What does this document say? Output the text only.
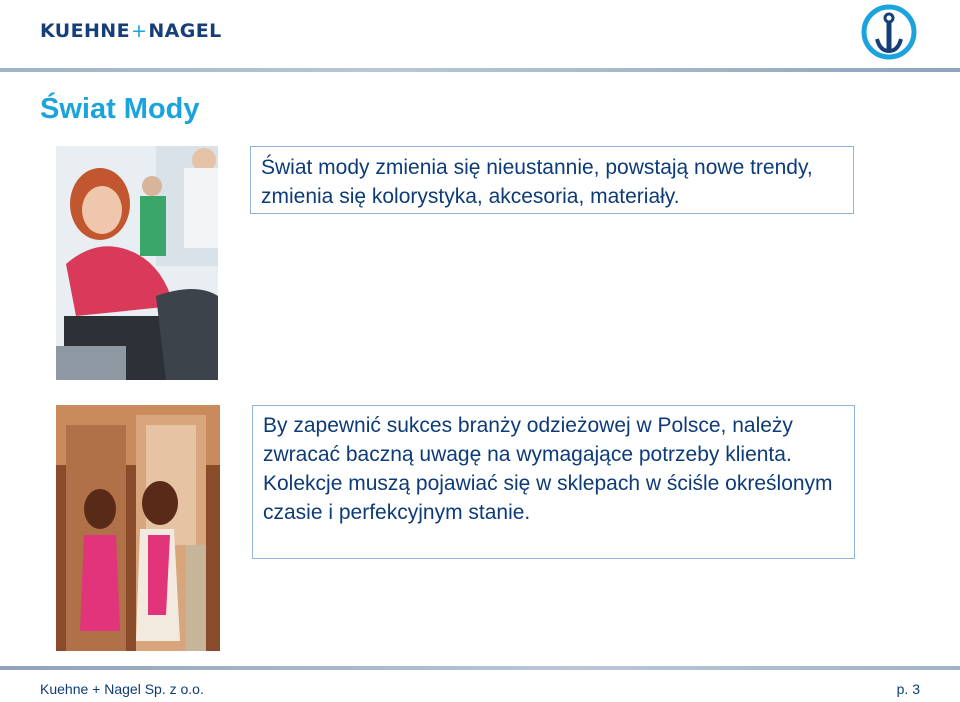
KUEHNE+NAGEL
Świat Mody
Świat mody zmienia się nieustannie, powstają nowe trendy, zmienia się kolorystyka, akcesoria, materiały.
By zapewnić sukces branży odzieżowej w Polsce, należy zwracać baczną uwagę na wymagające potrzeby klienta. Kolekcje muszą pojawiać się w sklepach w ściśle określonym czasie i perfekcyjnym stanie.
Kuehne + Nagel Sp. z o.o.	p. 3
